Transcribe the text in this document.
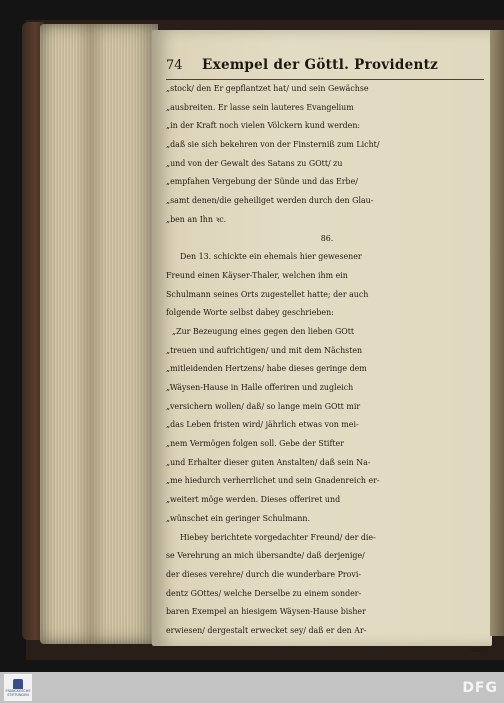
74 Exempel der Göttl. Providentz
„stock/ den Er gepflantzet hat/ und sein Gewächse
„ausbreiten. Er lasse sein lauteres Evangelium
„in der Kraft noch vielen Völckern kund werden:
„daß sie sich bekehren von der Finsterniß zum Licht/
„und von der Gewalt des Satans zu GOtt/ zu
„empfahen Vergebung der Sünde und das Erbe/
„samt denen/die geheiliget werden durch den Glau-
„ben an Ihn ꝛc.
86.
Den 13. schickte ein ehemals hier gewesener
Freund einen Käyser-Thaler, welchen ihm ein
Schulmann seines Orts zugestellet hatte; der auch
folgende Worte selbst dabey geschrieben:
„Zur Bezeugung eines gegen den lieben GOtt
„treuen und aufrichtigen/ und mit dem Nächsten
„mitleidenden Hertzens/ habe dieses geringe dem
„Wäysen-Hause in Halle offeriren und zugleich
„versichern wollen/ daß/ so lange mein GOtt mir
„das Leben fristen wird/ jährlich etwas von mei-
„nem Vermögen folgen soll. Gebe der Stifter
„und Erhalter dieser guten Anstalten/ daß sein Na-
„me hiedurch verherrlichet und sein Gnadenreich er-
„weitert möge werden. Dieses offeriret und
„wünschet ein geringer Schulmann.
Hiebey berichtete vorgedachter Freund/ der die-
se Verehrung an mich übersandte/ daß derjenige/
der dieses verehre/ durch die wunderbare Provi-
dentz GOttes/ welche Derselbe zu einem sonder-
baren Exempel an hiesigem Wäysen-Hause bisher
erwiesen/ dergestalt erwecket sey/ daß er den Ar-
men
FRANCKESCHE STIFTUNGEN	DFG
